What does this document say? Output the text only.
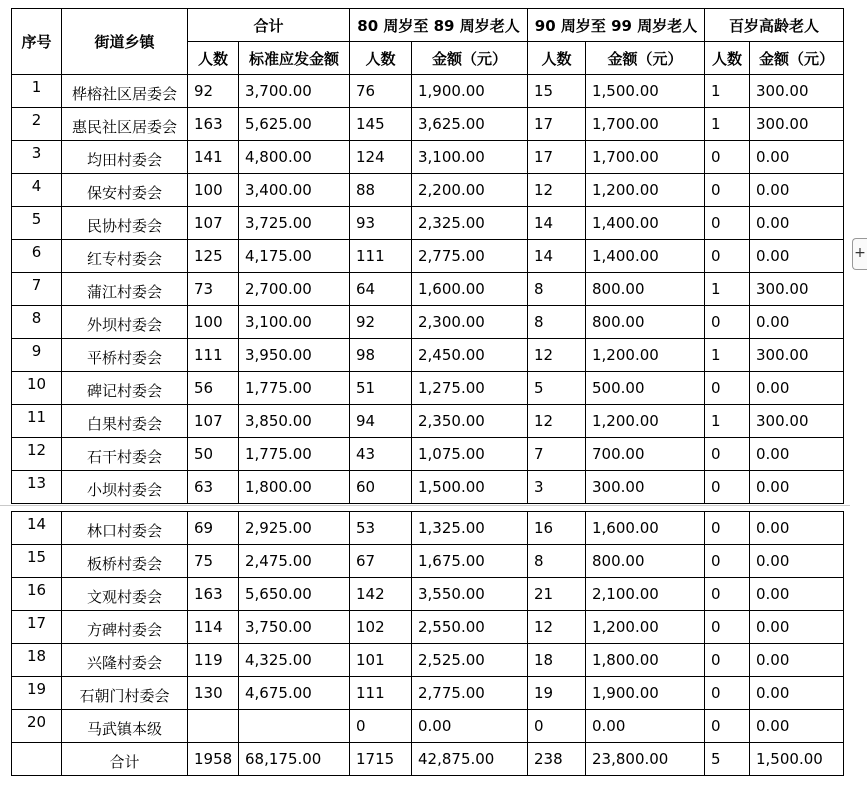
序号	街道乡镇	合计		80 周岁至 89 周岁老人		90 周岁至 99 周岁老人		百岁高龄老人	
		人数	标准应发金额	人数	金额（元）	人数	金额（元）	人数	金额（元）
1	桦榕社区居委会	92	3,700.00	76	1,900.00	15	1,500.00	1	300.00
2	惠民社区居委会	163	5,625.00	145	3,625.00	17	1,700.00	1	300.00
3	均田村委会	141	4,800.00	124	3,100.00	17	1,700.00	0	0.00
4	保安村委会	100	3,400.00	88	2,200.00	12	1,200.00	0	0.00
5	民协村委会	107	3,725.00	93	2,325.00	14	1,400.00	0	0.00
6	红专村委会	125	4,175.00	111	2,775.00	14	1,400.00	0	0.00
7	蒲江村委会	73	2,700.00	64	1,600.00	8	800.00	1	300.00
8	外坝村委会	100	3,100.00	92	2,300.00	8	800.00	0	0.00
9	平桥村委会	111	3,950.00	98	2,450.00	12	1,200.00	1	300.00
10	碑记村委会	56	1,775.00	51	1,275.00	5	500.00	0	0.00
11	白果村委会	107	3,850.00	94	2,350.00	12	1,200.00	1	300.00
12	石干村委会	50	1,775.00	43	1,075.00	7	700.00	0	0.00
13	小坝村委会	63	1,800.00	60	1,500.00	3	300.00	0	0.00
14	林口村委会	69	2,925.00	53	1,325.00	16	1,600.00	0	0.00
15	板桥村委会	75	2,475.00	67	1,675.00	8	800.00	0	0.00
16	文观村委会	163	5,650.00	142	3,550.00	21	2,100.00	0	0.00
17	方碑村委会	114	3,750.00	102	2,550.00	12	1,200.00	0	0.00
18	兴隆村委会	119	4,325.00	101	2,525.00	18	1,800.00	0	0.00
19	石朝门村委会	130	4,675.00	111	2,775.00	19	1,900.00	0	0.00
20	马武镇本级			0	0.00	0	0.00	0	0.00
	合计	1958	68,175.00	1715	42,875.00	238	23,800.00	5	1,500.00
+
